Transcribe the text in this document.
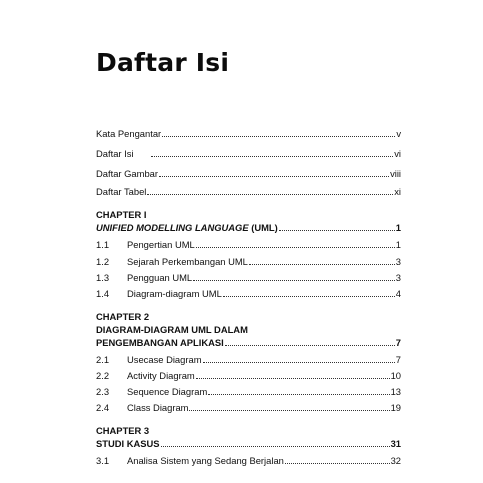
Daftar Isi
Kata Pengantar	v
Daftar Isi	vi
Daftar Gambar	viii
Daftar Tabel	xi
CHAPTER I
UNIFIED MODELLING LANGUAGE (UML)	1
1.1	Pengertian UML	1
1.2	Sejarah Perkembangan UML	3
1.3	Pengguan UML	3
1.4	Diagram-diagram UML	4
CHAPTER 2
DIAGRAM-DIAGRAM UML DALAM
PENGEMBANGAN APLIKASI	7
2.1	Usecase Diagram	7
2.2	Activity Diagram	10
2.3	Sequence Diagram	13
2.4	Class Diagram	19
CHAPTER 3
STUDI KASUS	31
3.1	Analisa Sistem yang Sedang Berjalan	32
